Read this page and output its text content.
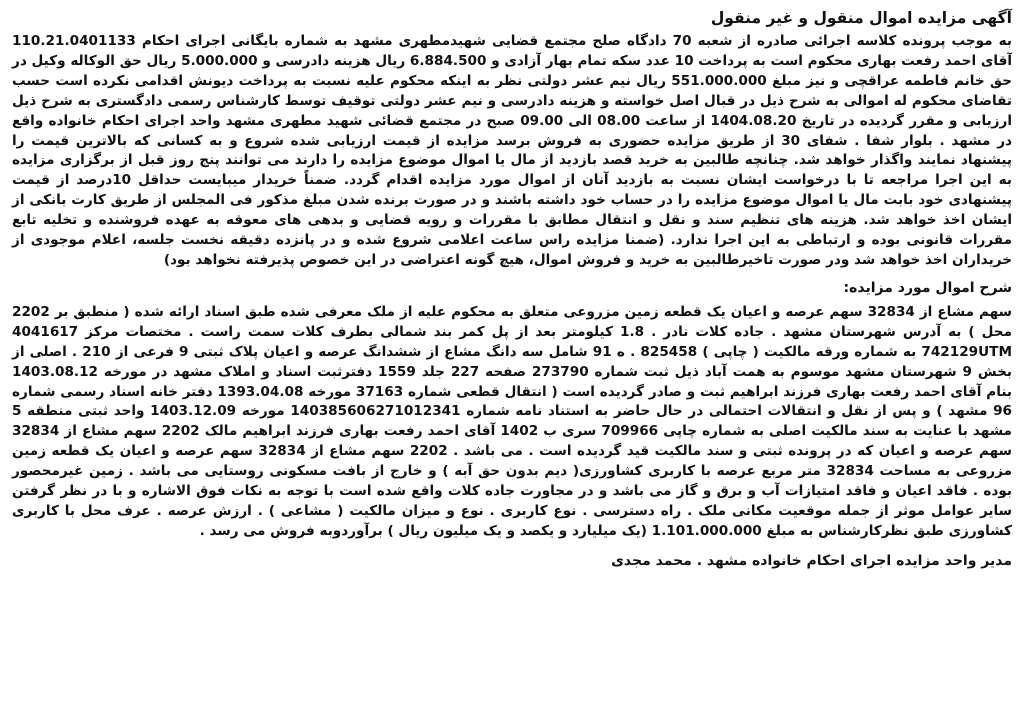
آگهی مزایده اموال منقول و غیر منقول

به موجب پرونده کلاسه اجرائی صادره از شعبه 70 دادگاه صلح مجتمع قضایی شهیدمطهری مشهد به شماره بایگانی اجرای احکام 110.21.0401133 آقای احمد رفعت بهاری محکوم است به پرداخت 10 عدد سکه تمام بهار آزادی و 6.884.500 ریال هزینه دادرسی و 5.000.000 ریال حق الوکاله وکیل در حق خانم فاطمه عراقچی و نیز مبلغ 551.000.000 ریال نیم عشر دولتی نظر به اینکه محکوم علیه نسبت به پرداخت دیونش اقدامی نکرده است حسب تقاضای محکوم له اموالی به شرح ذیل در قبال اصل خواسته و هزینه دادرسی و نیم عشر دولتی توقیف توسط کارشناس رسمی دادگستری به شرح ذیل ارزیابی و مقرر گردیده در تاریخ 1404.08.20 از ساعت 08.00 الی 09.00 صبح در مجتمع قضائی شهید مطهری مشهد واحد اجرای احکام خانواده واقع در مشهد . بلوار شفا . شفای 30 از طریق مزایده حضوری به فروش برسد مزایده از قیمت ارزیابی شده شروع و به کسانی که بالاترین قیمت را پیشنهاد نمایند واگذار خواهد شد. چنانچه طالبین به خرید قصد بازدید از مال یا اموال موضوع مزایده را دارند می توانند پنج روز قبل از برگزاری مزایده به این اجرا مراجعه تا با درخواست ایشان نسبت به بازدید آنان از اموال مورد مزایده اقدام گردد. ضمناً خریدار میبایست حداقل 10درصد از قیمت پیشنهادی خود بابت مال یا اموال موضوع مزایده را در حساب خود داشته باشند و در صورت برنده شدن مبلغ مذکور فی المجلس از طریق کارت بانکی از ایشان اخذ خواهد شد. هزینه های تنظیم سند و نقل و انتقال مطابق با مقررات و رویه قضایی و بدهی های معوقه به عهده فروشنده و تخلیه تابع مقررات قانونی بوده و ارتباطی به این اجرا ندارد. (ضمنا مزایده راس ساعت اعلامی شروع شده و در پانزده دقیقه نخست جلسه، اعلام موجودی از خریداران اخذ خواهد شد ودر صورت تاخیرطالبین به خرید و فروش اموال، هیچ گونه اعتراضی در این خصوص پذیرفته نخواهد بود)

شرح اموال مورد مزایده:

سهم مشاع از 32834 سهم عرصه و اعیان یک قطعه زمین مزروعی متعلق به محکوم علیه از ملک معرفی شده طبق اسناد ارائه شده ( منطبق بر 2202 محل ) به آدرس شهرستان مشهد . جاده کلات نادر . 1.8 کیلومتر بعد از پل کمر بند شمالی بطرف کلات سمت راست . مختصات مرکز 4041617 742129UTM به شماره ورقه مالکیت ( چاپی ) 825458 . ه 91 شامل سه دانگ مشاع از ششدانگ عرصه و اعیان پلاک ثبتی 9 فرعی از 210 . اصلی از بخش 9 شهرستان مشهد موسوم به همت آباد ذیل ثبت شماره 273790 صفحه 227 جلد 1559 دفترثبت اسناد و املاک مشهد در مورخه 1403.08.12 بنام آقای احمد رفعت بهاری فرزند ابراهیم ثبت و صادر گردیده است ( انتقال قطعی شماره 37163 مورخه 1393.04.08 دفتر خانه اسناد رسمی شماره 96 مشهد ) و پس از نقل و انتقالات احتمالی در حال حاضر به استناد نامه شماره 14038560627101234​1 مورخه 1403.12.09 واحد ثبتی منطقه 5 مشهد با عنایت به سند مالکیت اصلی به شماره چاپی 709966 سری ب 1402 آقای احمد رفعت بهاری فرزند ابراهیم مالک 2202 سهم مشاع از 32834 سهم عرصه و اعیان که در پرونده ثبتی و سند مالکیت قید گردیده است . می باشد . 2202 سهم مشاع از 32834 سهم عرصه و اعیان یک قطعه زمین مزروعی به مساحت 32834 متر مربع عرصه با کاربری کشاورزی( دیم بدون حق آبه ) و خارج از بافت مسکونی روستایی می باشد . زمین غیرمحصور بوده . فاقد اعیان و فاقد امتیازات آب و برق و گاز می باشد و در مجاورت جاده کلات واقع شده است با توجه به نکات فوق الاشاره و با در نظر گرفتن سایر عوامل موثر از جمله موقعیت مکانی ملک . راه دسترسی . نوع کاربری . نوع و میزان مالکیت ( مشاعی ) . ارزش عرصه . عرف محل با کاربری کشاورزی طبق نظرکارشناس به مبلغ 1.101.000.000 (یک میلیارد و یکصد و یک میلیون ریال ) برآوردوبه فروش می رسد .

مدیر واحد مزایده اجرای احکام خانواده مشهد . محمد مجدی
